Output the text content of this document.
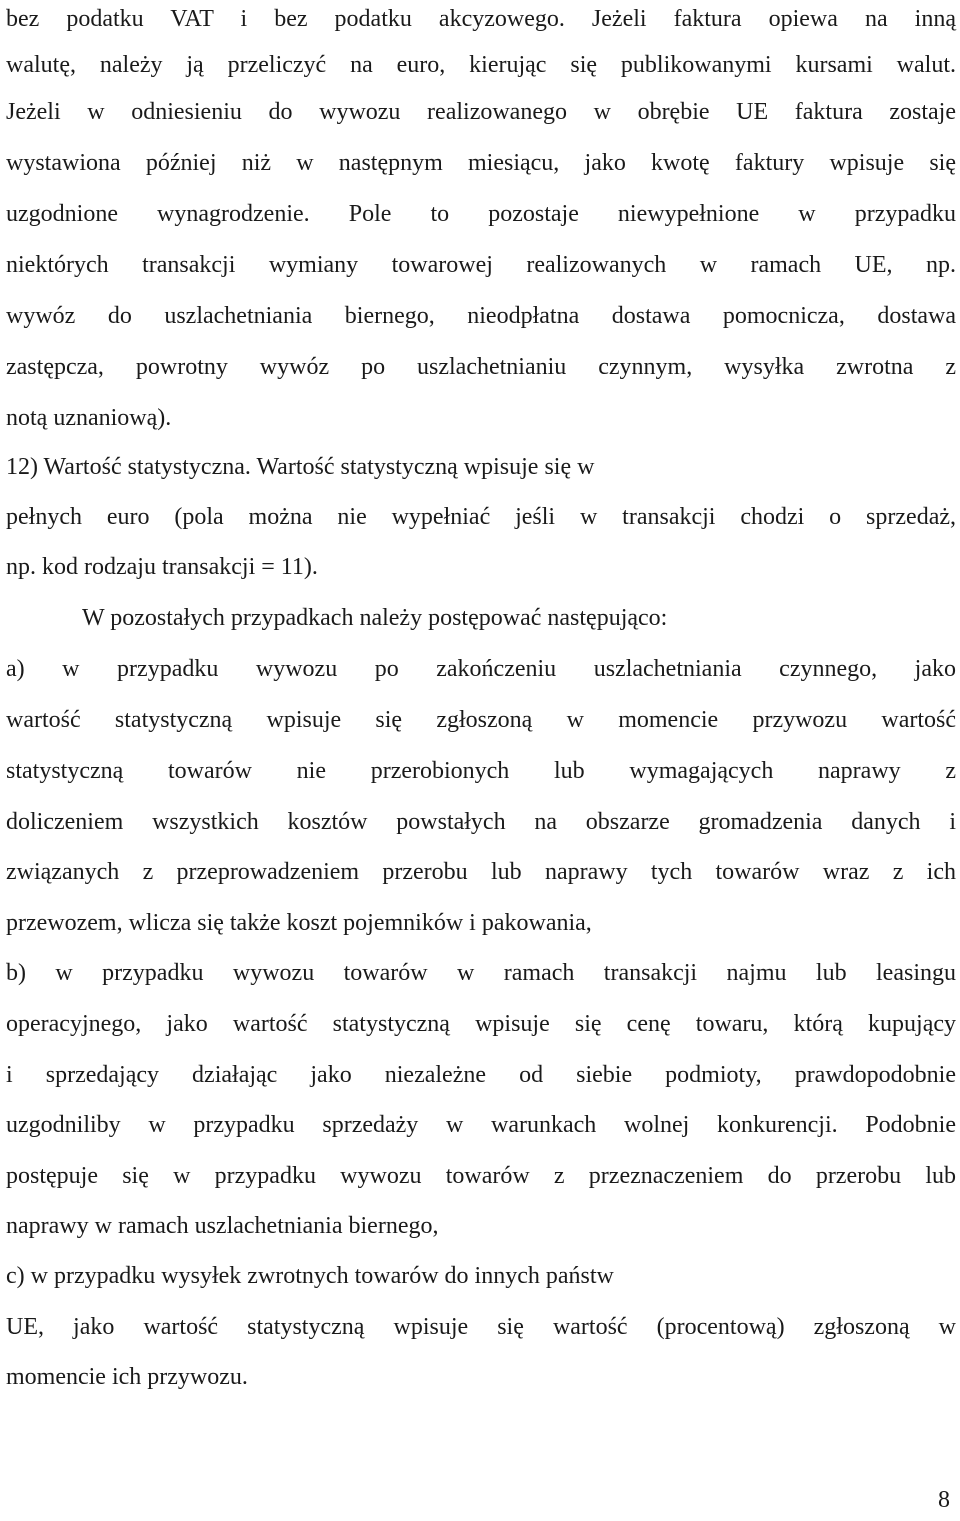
bez podatku VAT i bez podatku akcyzowego. Jeżeli faktura opiewa na inną
walutę, należy ją przeliczyć na euro, kierując się publikowanymi kursami walut.
Jeżeli w odniesieniu do wywozu realizowanego w obrębie UE faktura zostaje
wystawiona później niż w następnym miesiącu, jako kwotę faktury wpisuje się
uzgodnione wynagrodzenie. Pole to pozostaje niewypełnione w przypadku
niektórych transakcji wymiany towarowej realizowanych w ramach UE, np.
wywóz do uszlachetniania biernego, nieodpłatna dostawa pomocnicza, dostawa
zastępcza, powrotny wywóz po uszlachetnianiu czynnym, wysyłka zwrotna z
notą uznaniową).
12) Wartość statystyczna. Wartość statystyczną wpisuje się w
pełnych euro (pola można nie wypełniać jeśli w transakcji chodzi o sprzedaż,
np. kod rodzaju transakcji = 11).
W pozostałych przypadkach należy postępować następująco:
a) w przypadku wywozu po zakończeniu uszlachetniania czynnego, jako
wartość statystyczną wpisuje się zgłoszoną w momencie przywozu wartość
statystyczną towarów nie przerobionych lub wymagających naprawy z
doliczeniem wszystkich kosztów powstałych na obszarze gromadzenia danych i
związanych z przeprowadzeniem przerobu lub naprawy tych towarów wraz z ich
przewozem, wlicza się także koszt pojemników i pakowania,
b) w przypadku wywozu towarów w ramach transakcji najmu lub leasingu
operacyjnego, jako wartość statystyczną wpisuje się cenę towaru, którą kupujący
i sprzedający działając jako niezależne od siebie podmioty, prawdopodobnie
uzgodniliby w przypadku sprzedaży w warunkach wolnej konkurencji. Podobnie
postępuje się w przypadku wywozu towarów z przeznaczeniem do przerobu lub
naprawy w ramach uszlachetniania biernego,
c) w przypadku wysyłek zwrotnych towarów do innych państw
UE, jako wartość statystyczną wpisuje się wartość (procentową) zgłoszoną w
momencie ich przywozu.
8
